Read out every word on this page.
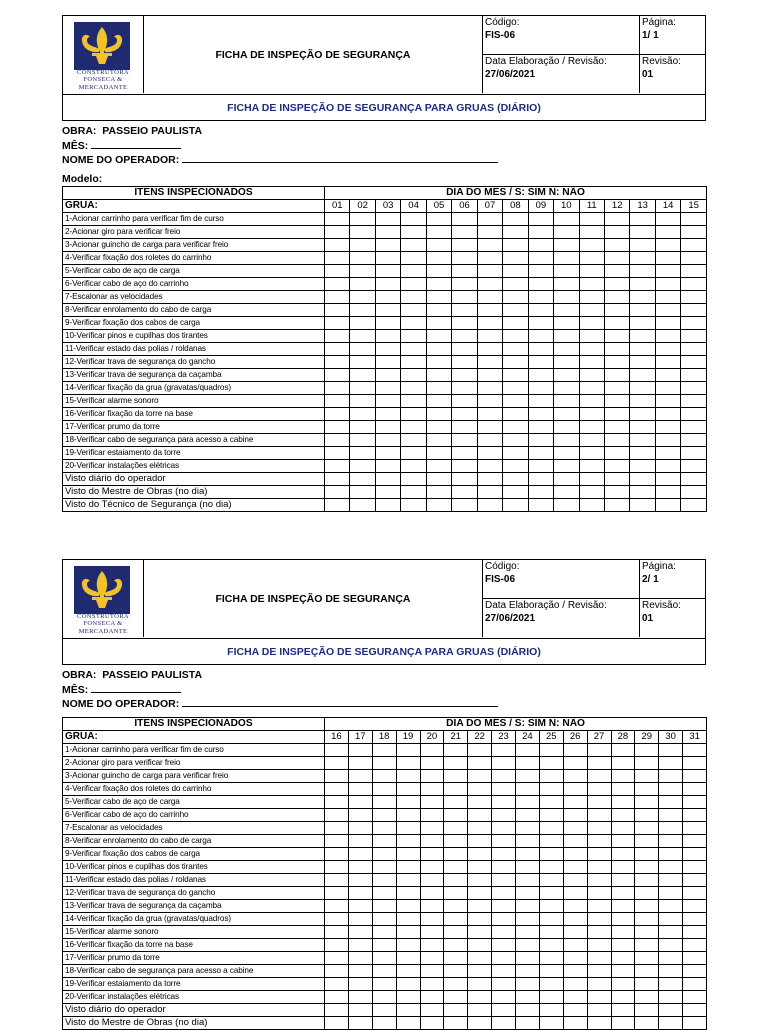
CONSTRUTORA
FONSECA &
MERCADANTE
FICHA DE INSPEÇÃO DE SEGURANÇA
Código:
FIS-06
Página:
1/ 1
Data Elaboração / Revisão:
27/06/2021
Revisão:
01
FICHA DE INSPEÇÃO DE SEGURANÇA PARA GRUAS (DIÁRIO)
OBRA: PASSEIO PAULISTA
MÊS:
NOME DO OPERADOR:
Modelo:
ITENS INSPECIONADOS	DIA DO MÊS / S: SIM N: NÃO														
GRUA:	01	02	03	04	05	06	07	08	09	10	11	12	13	14	15
1-Acionar carrinho para verificar fim de curso															
2-Acionar giro para verificar freio															
3-Acionar guincho de carga para verificar freio															
4-Verificar fixação dos roletes do carrinho															
5-Verificar cabo de aço de carga															
6-Verificar cabo de aço do carrinho															
7-Escalonar as velocidades															
8-Verificar enrolamento do cabo de carga															
9-Verificar fixação dos cabos de carga															
10-Verificar pinos e cupilhas dos tirantes															
11-Verificar estado das polias / roldanas															
12-Verificar trava de segurança do gancho															
13-Verificar trava de segurança da caçamba															
14-Verificar fixação da grua (gravatas/quadros)															
15-Verificar alarme sonoro															
16-Verificar fixação da torre na base															
17-Verificar prumo da torre															
18-Verificar cabo de segurança para acesso a cabine															
19-Verificar estaiamento da torre															
20-Verificar instalações elétricas															
Visto diário do operador															
Visto do Mestre de Obras (no dia)															
Visto do Técnico de Segurança (no dia)															
CONSTRUTORA
FONSECA &
MERCADANTE
FICHA DE INSPEÇÃO DE SEGURANÇA
Código:
FIS-06
Página:
2/ 1
Data Elaboração / Revisão:
27/06/2021
Revisão:
01
FICHA DE INSPEÇÃO DE SEGURANÇA PARA GRUAS (DIÁRIO)
OBRA: PASSEIO PAULISTA
MÊS:
NOME DO OPERADOR:
ITENS INSPECIONADOS	DIA DO MÊS / S: SIM N: NÃO															
GRUA:	16	17	18	19	20	21	22	23	24	25	26	27	28	29	30	31
1-Acionar carrinho para verificar fim de curso																
2-Acionar giro para verificar freio																
3-Acionar guincho de carga para verificar freio																
4-Verificar fixação dos roletes do carrinho																
5-Verificar cabo de aço de carga																
6-Verificar cabo de aço do carrinho																
7-Escalonar as velocidades																
8-Verificar enrolamento do cabo de carga																
9-Verificar fixação dos cabos de carga																
10-Verificar pinos e cupilhas dos tirantes																
11-Verificar estado das polias / roldanas																
12-Verificar trava de segurança do gancho																
13-Verificar trava de segurança da caçamba																
14-Verificar fixação da grua (gravatas/quadros)																
15-Verificar alarme sonoro																
16-Verificar fixação da torre na base																
17-Verificar prumo da torre																
18-Verificar cabo de segurança para acesso a cabine																
19-Verificar estaiamento da torre																
20-Verificar instalações elétricas																
Visto diário do operador																
Visto do Mestre de Obras (no dia)																
